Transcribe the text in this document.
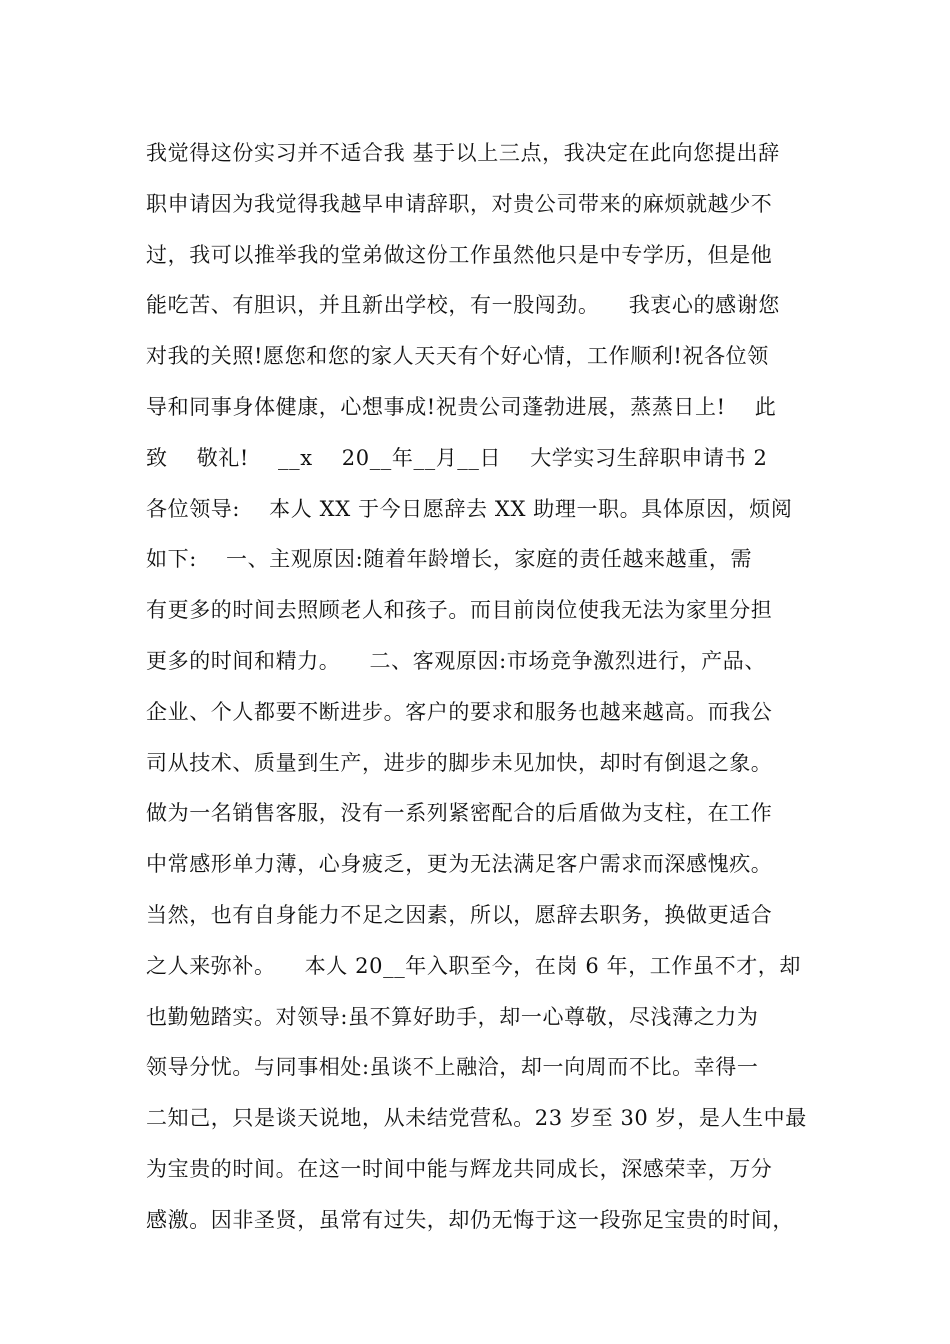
我觉得这份实习并不适合我 基于以上三点，我决定在此向您提出辞
职申请因为我觉得我越早申请辞职，对贵公司带来的麻烦就越少不
过，我可以推举我的堂弟做这份工作虽然他只是中专学历，但是他
能吃苦、有胆识，并且新出学校，有一股闯劲。    我衷心的感谢您
对我的关照!愿您和您的家人天天有个好心情，工作顺利!祝各位领
导和同事身体健康，心想事成!祝贵公司蓬勃进展，蒸蒸日上!    此
致    敬礼!    __x    20__年__月__日    大学实习生辞职申请书 2
各位领导:    本人 XX 于今日愿辞去 XX 助理一职。具体原因，烦阅
如下:    一、主观原因:随着年龄增长，家庭的责任越来越重，需
有更多的时间去照顾老人和孩子。而目前岗位使我无法为家里分担
更多的时间和精力。    二、客观原因:市场竞争激烈进行，产品、
企业、个人都要不断进步。客户的要求和服务也越来越高。而我公
司从技术、质量到生产，进步的脚步未见加快，却时有倒退之象。
做为一名销售客服，没有一系列紧密配合的后盾做为支柱，在工作
中常感形单力薄，心身疲乏，更为无法满足客户需求而深感愧疚。
当然，也有自身能力不足之因素，所以，愿辞去职务，换做更适合
之人来弥补。    本人 20__年入职至今，在岗 6 年，工作虽不才，却
也勤勉踏实。对领导:虽不算好助手，却一心尊敬，尽浅薄之力为
领导分忧。与同事相处:虽谈不上融洽，却一向周而不比。幸得一
二知己，只是谈天说地，从未结党营私。23 岁至 30 岁，是人生中最
为宝贵的时间。在这一时间中能与辉龙共同成长，深感荣幸，万分
感激。因非圣贤，虽常有过失，却仍无悔于这一段弥足宝贵的时间，
